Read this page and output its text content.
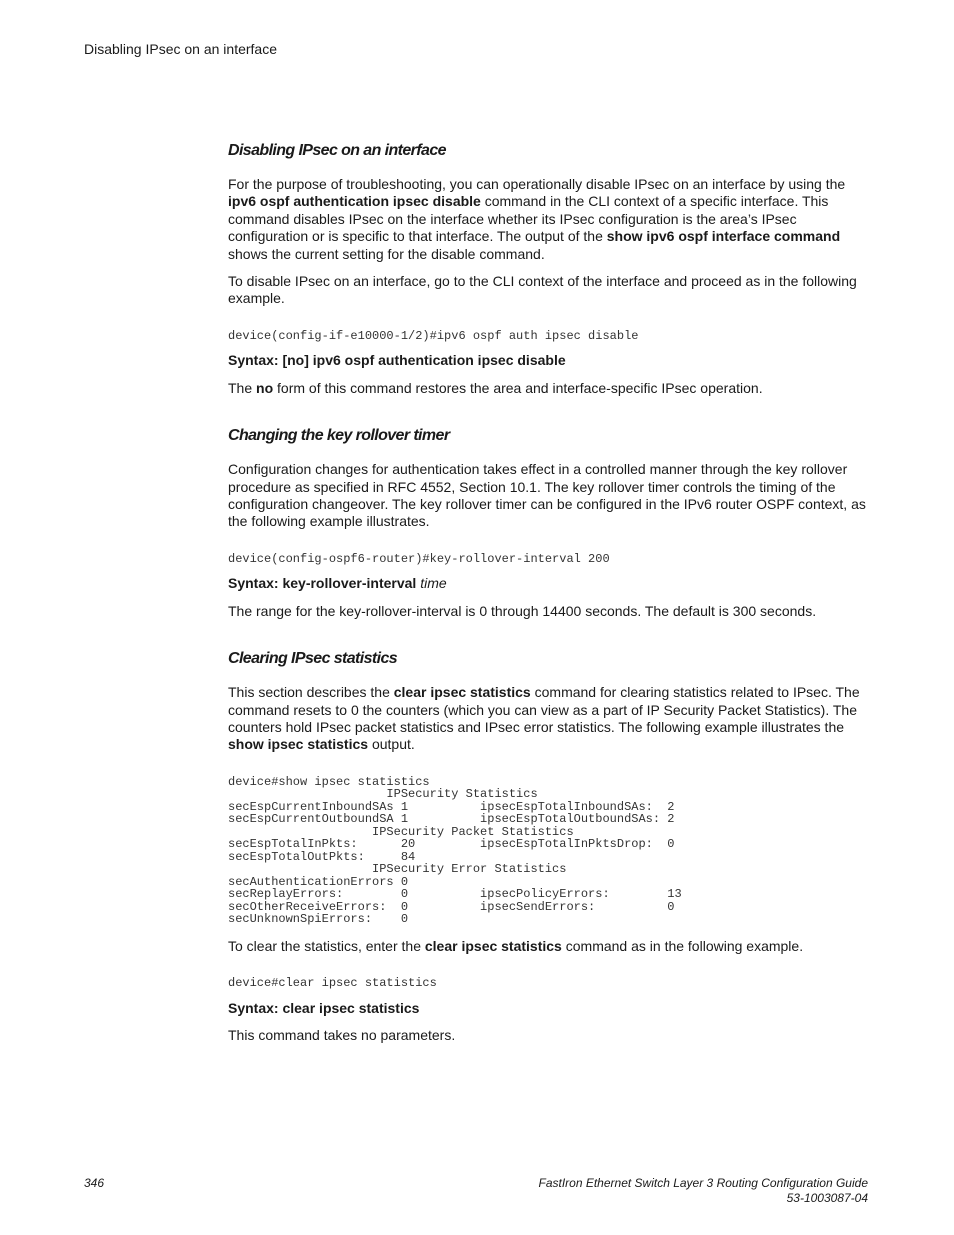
Disabling IPsec on an interface
Disabling IPsec on an interface

For the purpose of troubleshooting, you can operationally disable IPsec on an interface by using the ipv6 ospf authentication ipsec disable command in the CLI context of a specific interface. This command disables IPsec on the interface whether its IPsec configuration is the area’s IPsec configuration or is specific to that interface. The output of the show ipv6 ospf interface command shows the current setting for the disable command.

To disable IPsec on an interface, go to the CLI context of the interface and proceed as in the following example.

device(config-if-e10000-1/2)#ipv6 ospf auth ipsec disable

Syntax: [no] ipv6 ospf authentication ipsec disable

The no form of this command restores the area and interface-specific IPsec operation.

Changing the key rollover timer

Configuration changes for authentication takes effect in a controlled manner through the key rollover procedure as specified in RFC 4552, Section 10.1. The key rollover timer controls the timing of the configuration changeover. The key rollover timer can be configured in the IPv6 router OSPF context, as the following example illustrates.

device(config-ospf6-router)#key-rollover-interval 200

Syntax: key-rollover-interval time

The range for the key-rollover-interval is 0 through 14400 seconds. The default is 300 seconds.

Clearing IPsec statistics

This section describes the clear ipsec statistics command for clearing statistics related to IPsec. The command resets to 0 the counters (which you can view as a part of IP Security Packet Statistics). The counters hold IPsec packet statistics and IPsec error statistics. The following example illustrates the show ipsec statistics output.

device#show ipsec statistics
IPSecurity Statistics
secEspCurrentInboundSAs 1          ipsecEspTotalInboundSAs:  2
secEspCurrentOutboundSA 1          ipsecEspTotalOutboundSAs: 2
IPSecurity Packet Statistics
secEspTotalInPkts:      20         ipsecEspTotalInPktsDrop:  0
secEspTotalOutPkts:     84
IPSecurity Error Statistics
secAuthenticationErrors 0
secReplayErrors:        0          ipsecPolicyErrors:        13
secOtherReceiveErrors:  0          ipsecSendErrors:          0
secUnknownSpiErrors:    0

To clear the statistics, enter the clear ipsec statistics command as in the following example.

device#clear ipsec statistics

Syntax: clear ipsec statistics

This command takes no parameters.

346	FastIron Ethernet Switch Layer 3 Routing Configuration Guide
53-1003087-04
